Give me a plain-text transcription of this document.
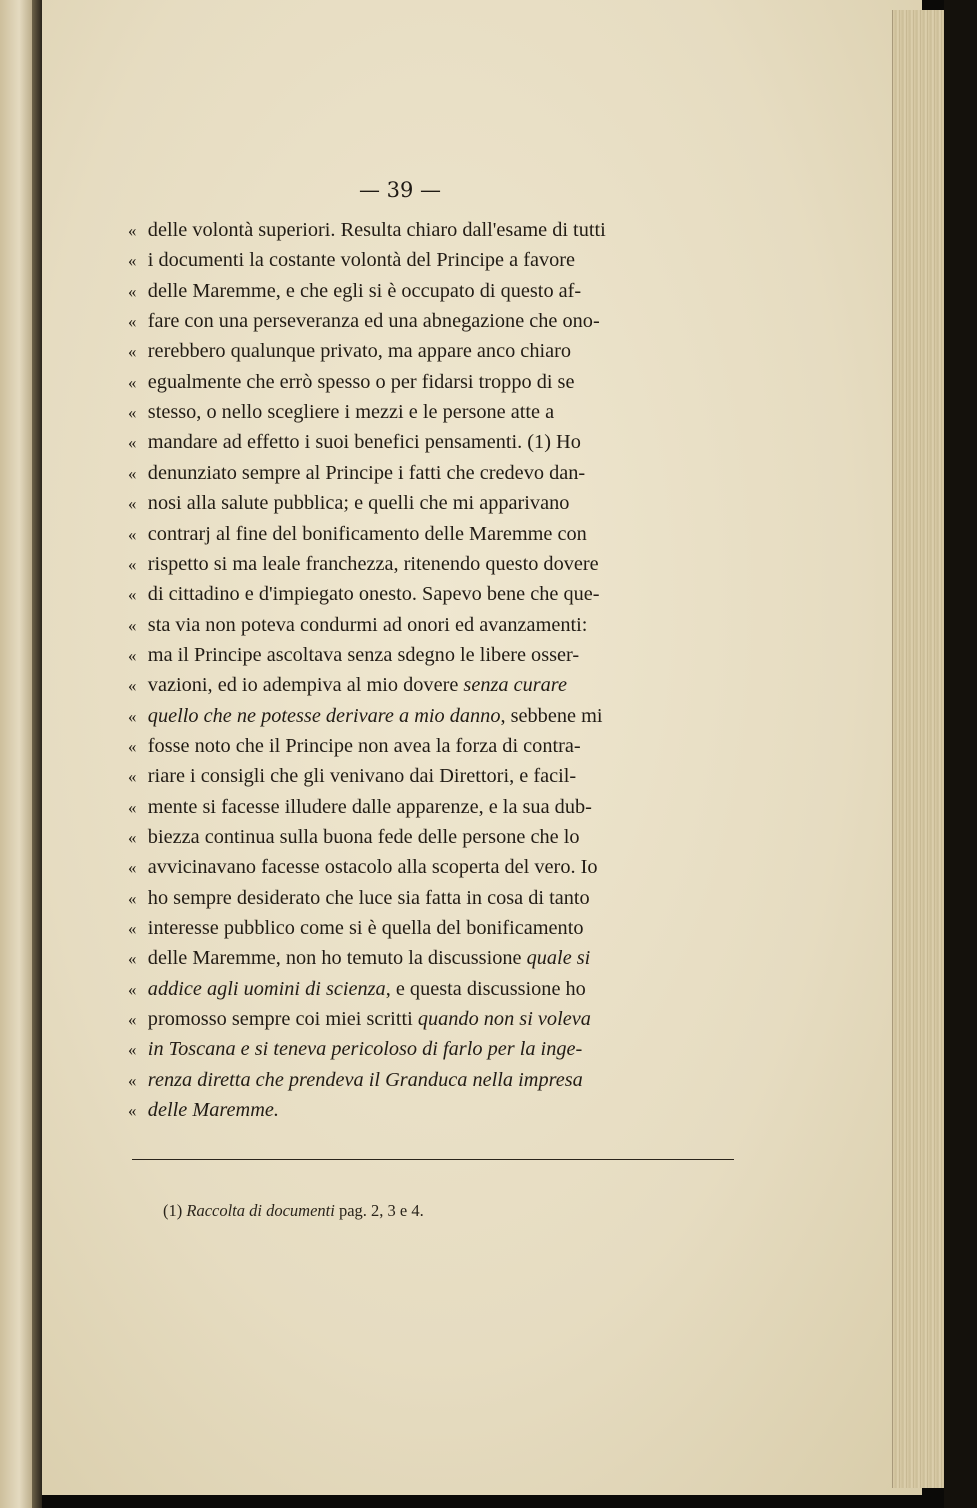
— 39 —
« delle volontà superiori. Resulta chiaro dall'esame di tutti
« i documenti la costante volontà del Principe a favore
« delle Maremme, e che egli si è occupato di questo af-
« fare con una perseveranza ed una abnegazione che ono-
« rerebbero qualunque privato, ma appare anco chiaro
« egualmente che errò spesso o per fidarsi troppo di se
« stesso, o nello scegliere i mezzi e le persone atte a
« mandare ad effetto i suoi benefici pensamenti. (1) Ho
« denunziato sempre al Principe i fatti che credevo dan-
« nosi alla salute pubblica; e quelli che mi apparivano
« contrarj al fine del bonificamento delle Maremme con
« rispetto si ma leale franchezza, ritenendo questo dovere
« di cittadino e d'impiegato onesto. Sapevo bene che que-
« sta via non poteva condurmi ad onori ed avanzamenti:
« ma il Principe ascoltava senza sdegno le libere osser-
« vazioni, ed io adempiva al mio dovere senza curare
« quello che ne potesse derivare a mio danno, sebbene mi
« fosse noto che il Principe non avea la forza di contra-
« riare i consigli che gli venivano dai Direttori, e facil-
« mente si facesse illudere dalle apparenze, e la sua dub-
« biezza continua sulla buona fede delle persone che lo
« avvicinavano facesse ostacolo alla scoperta del vero. Io
« ho sempre desiderato che luce sia fatta in cosa di tanto
« interesse pubblico come si è quella del bonificamento
« delle Maremme, non ho temuto la discussione quale si
« addice agli uomini di scienza, e questa discussione ho
« promosso sempre coi miei scritti quando non si voleva
« in Toscana e si teneva pericoloso di farlo per la inge-
« renza diretta che prendeva il Granduca nella impresa
« delle Maremme.
(1) Raccolta di documenti pag. 2, 3 e 4.
